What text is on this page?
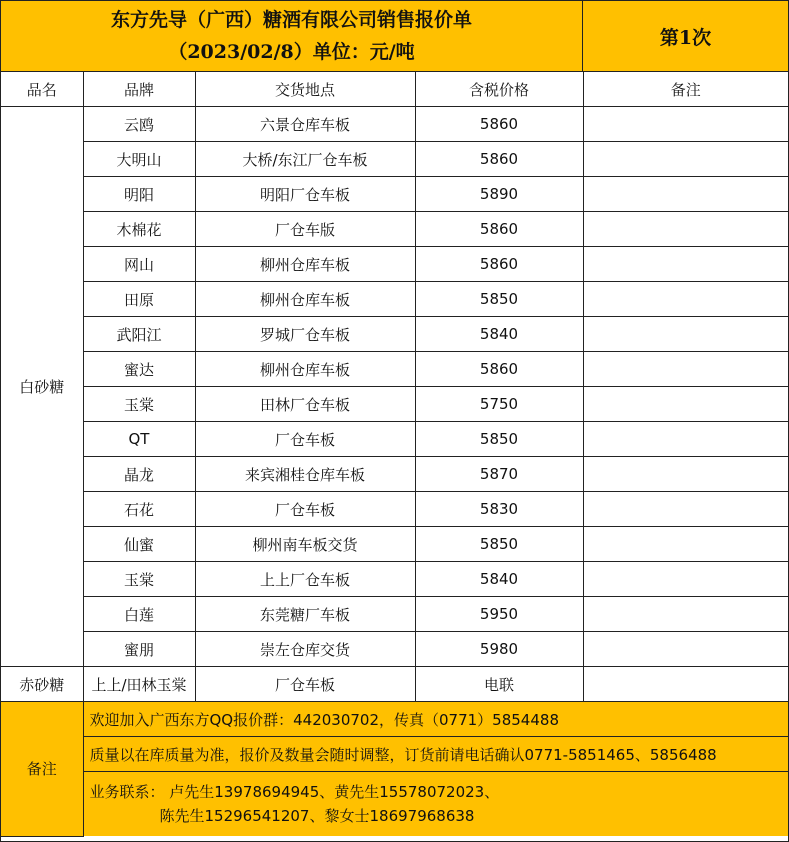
东方先导（广西）糖酒有限公司销售报价单
（2023/02/8）单位：元/吨
第1次
品名	品牌	交货地点	含税价格	备注
白砂糖	云鸥	六景仓库车板	5860	
	大明山	大桥/东江厂仓车板	5860	
	明阳	明阳厂仓车板	5890	
	木棉花	厂仓车版	5860	
	网山	柳州仓库车板	5860	
	田原	柳州仓库车板	5850	
	武阳江	罗城厂仓车板	5840	
	蜜达	柳州仓库车板	5860	
	玉棠	田林厂仓车板	5750	
	QT	厂仓车板	5850	
	晶龙	来宾湘桂仓库车板	5870	
	石花	厂仓车板	5830	
	仙蜜	柳州南车板交货	5850	
	玉棠	上上厂仓车板	5840	
	白莲	东莞糖厂车板	5950	
	蜜朋	崇左仓库交货	5980	
赤砂糖	上上/田林玉棠	厂仓车板	电联	
备注	欢迎加入广西东方QQ报价群：442030702，传真（0771）5854488
质量以在库质量为准，报价及数量会随时调整，订货前请电话确认0771-5851465、5856488

业务联系： 卢先生13978694945、黄先生15578072023、
陈先生15296541207、黎女士18697968638
